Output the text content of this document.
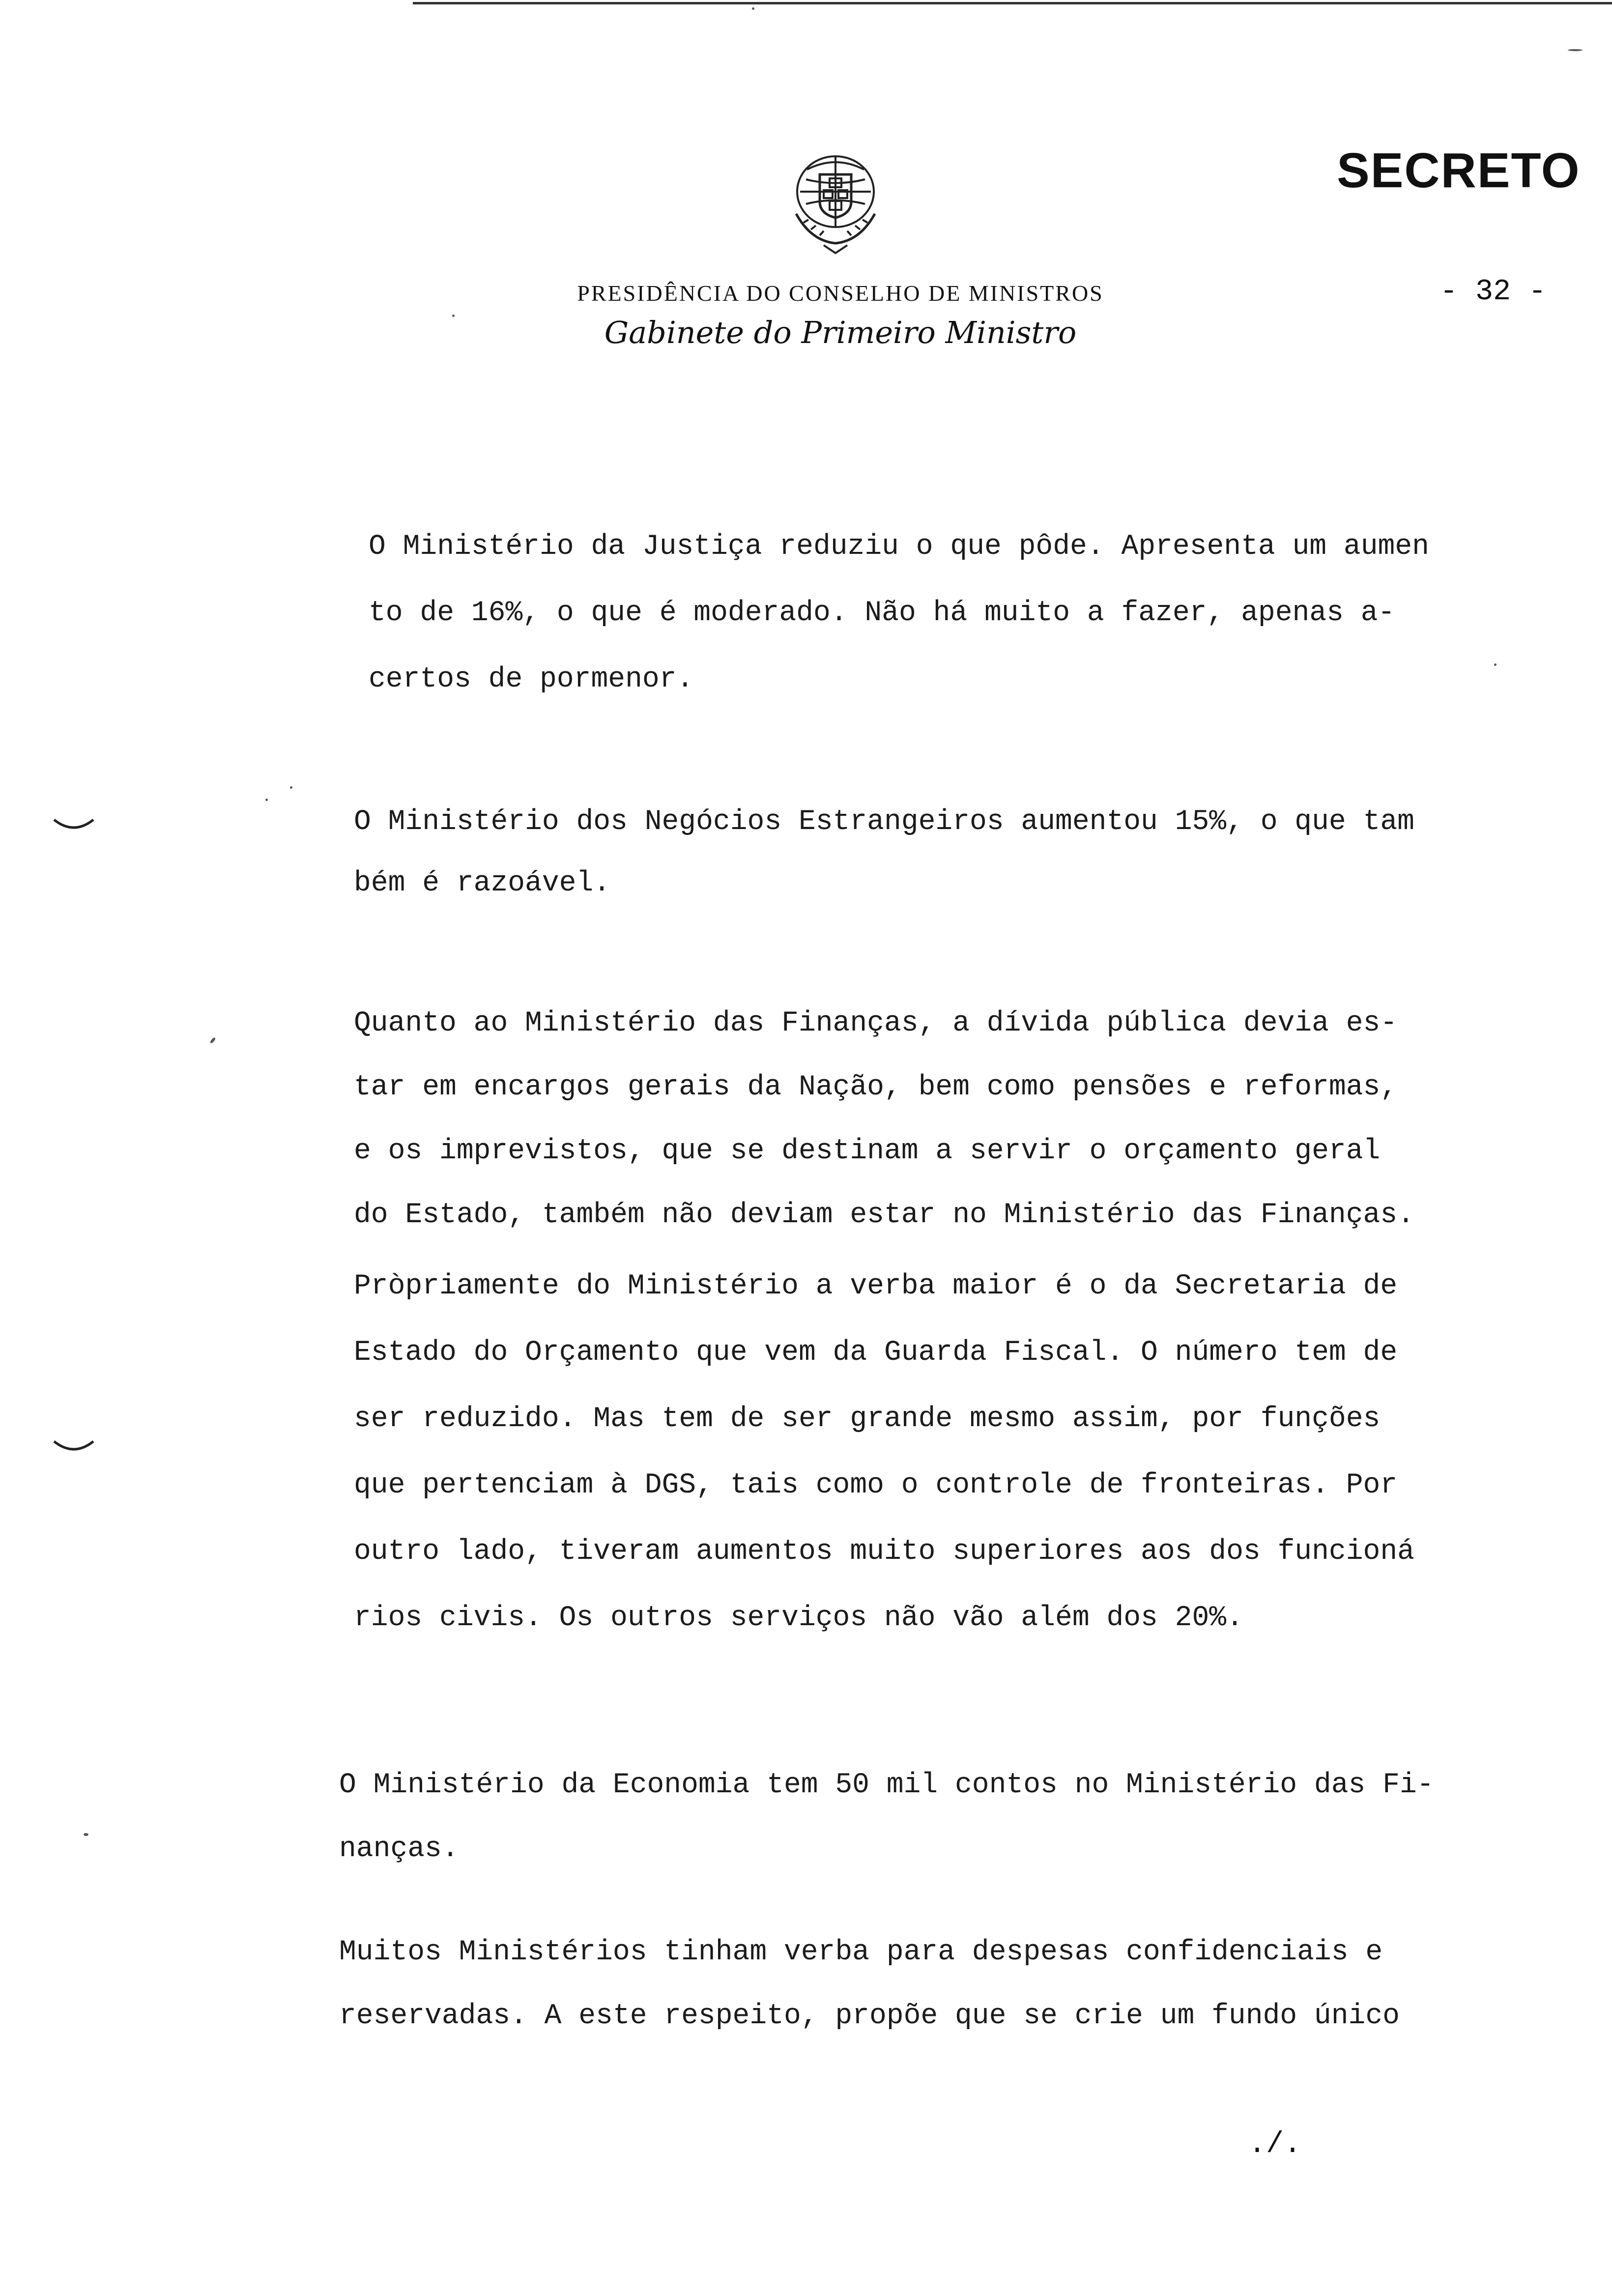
SECRETO
- 32 -
PRESIDÊNCIA DO CONSELHO DE MINISTROS
Gabinete do Primeiro Ministro
O Ministério da Justiça reduziu o que pôde. Apresenta um aumen
to de 16%, o que é moderado. Não há muito a fazer, apenas a-
certos de pormenor.
O Ministério dos Negócios Estrangeiros aumentou 15%, o que tam
bém é razoável.
Quanto ao Ministério das Finanças, a dívida pública devia es-
tar em encargos gerais da Nação, bem como pensões e reformas,
e os imprevistos, que se destinam a servir o orçamento geral
do Estado, também não deviam estar no Ministério das Finanças.
Pròpriamente do Ministério a verba maior é o da Secretaria de
Estado do Orçamento que vem da Guarda Fiscal. O número tem de
ser reduzido. Mas tem de ser grande mesmo assim, por funções
que pertenciam à DGS, tais como o controle de fronteiras. Por
outro lado, tiveram aumentos muito superiores aos dos funcioná
rios civis. Os outros serviços não vão além dos 20%.
O Ministério da Economia tem 50 mil contos no Ministério das Fi-
nanças.
Muitos Ministérios tinham verba para despesas confidenciais e
reservadas. A este respeito, propõe que se crie um fundo único
./.
